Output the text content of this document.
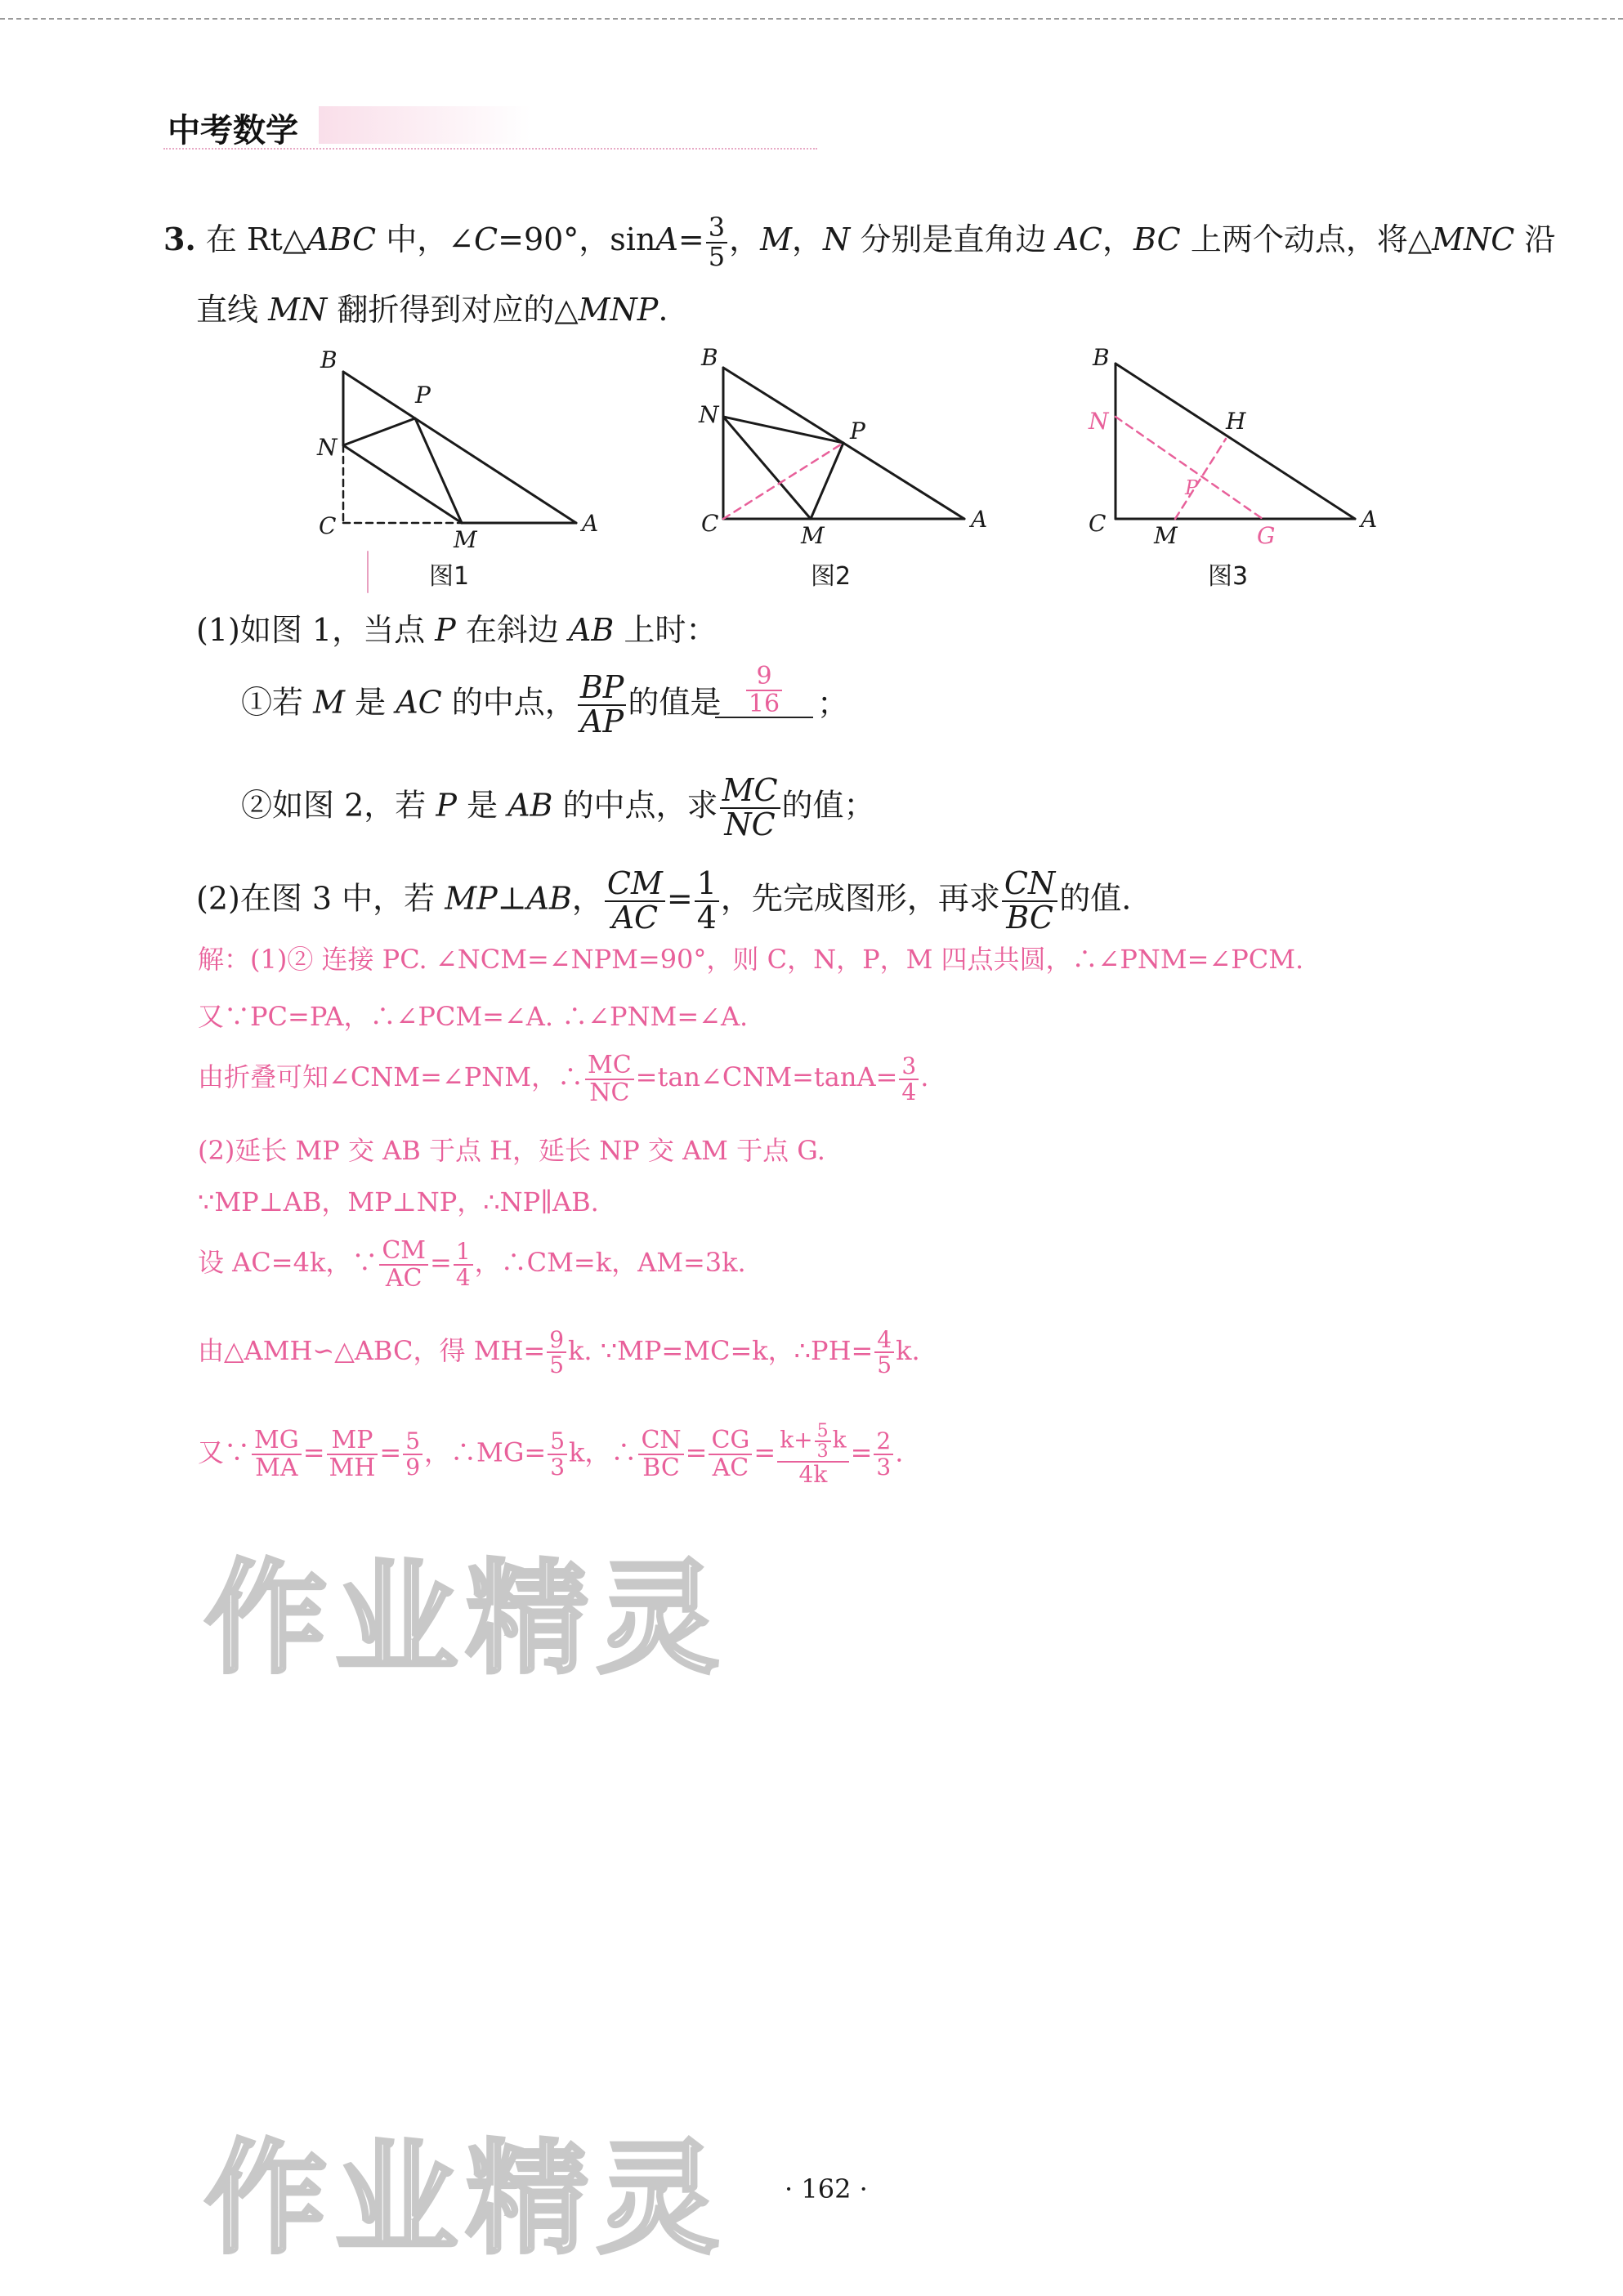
中考数学
3. 在 Rt△ABC 中，∠C=90°，$\sin A= \frac{3}{5}$ ，M，N 分别是直角边 AC，BC 上两个动点，将△MNC 沿
直线 MN 翻折得到对应的△MNP.
B
P
N
C
M
A
图1
B
N
P
C	M
A
图2
B
N	H
P
C M	G
A
图3
(1)如图 1，当点 P 在斜边 AB 上时：
①若 M 是 AC 的中点， $\frac{BP}{AP}$ 的值是 $\frac{9}{16}$ ；
②如图 2，若 P 是 AB 的中点，求 $\frac{MC}{NC}$ 的值；
(2)在图 3 中，若 MP⊥AB， $\frac{CM}{AC} = \frac{1}{4}$ ，先完成图形，再求 $\frac{CN}{BC}$ 的值.
解：(1)② 连接 PC. ∠NCM=∠NPM=90°，则 C，N，P，M 四点共圆，∴∠PNM=∠PCM.
又∵PC=PA，∴∠PCM=∠A. ∴∠PNM=∠A.
由折叠可知∠CNM=∠PNM，∴ $\frac{MC}{NC}$ =tan∠CNM=tanA= $\frac{3}{4}$ .
(2)延长 MP 交 AB 于点 H，延长 NP 交 AM 于点 G.
∵MP⊥AB，MP⊥NP，∴NP∥AB.
设 AC=4k，∵ $\frac{CM}{AC} = \frac{1}{4}$ ，∴CM=k，AM=3k.
由△AMH∽△ABC，得 $MH= \frac{9}{5} k$. ∵MP=MC=k，∴PH= $\frac{4}{5} k$.
又∵ $\frac{MG}{MA} = \frac{MP}{MH} = \frac{5}{9}$ ，∴MG= $\frac{5}{3}$ k，∴ $\frac{CN}{BC} = \frac{CG}{AC} = \frac{k+ \frac{5}{3} k}{4k} = \frac{2}{3}$ .
作业精灵
作业精灵 · 162 ·
